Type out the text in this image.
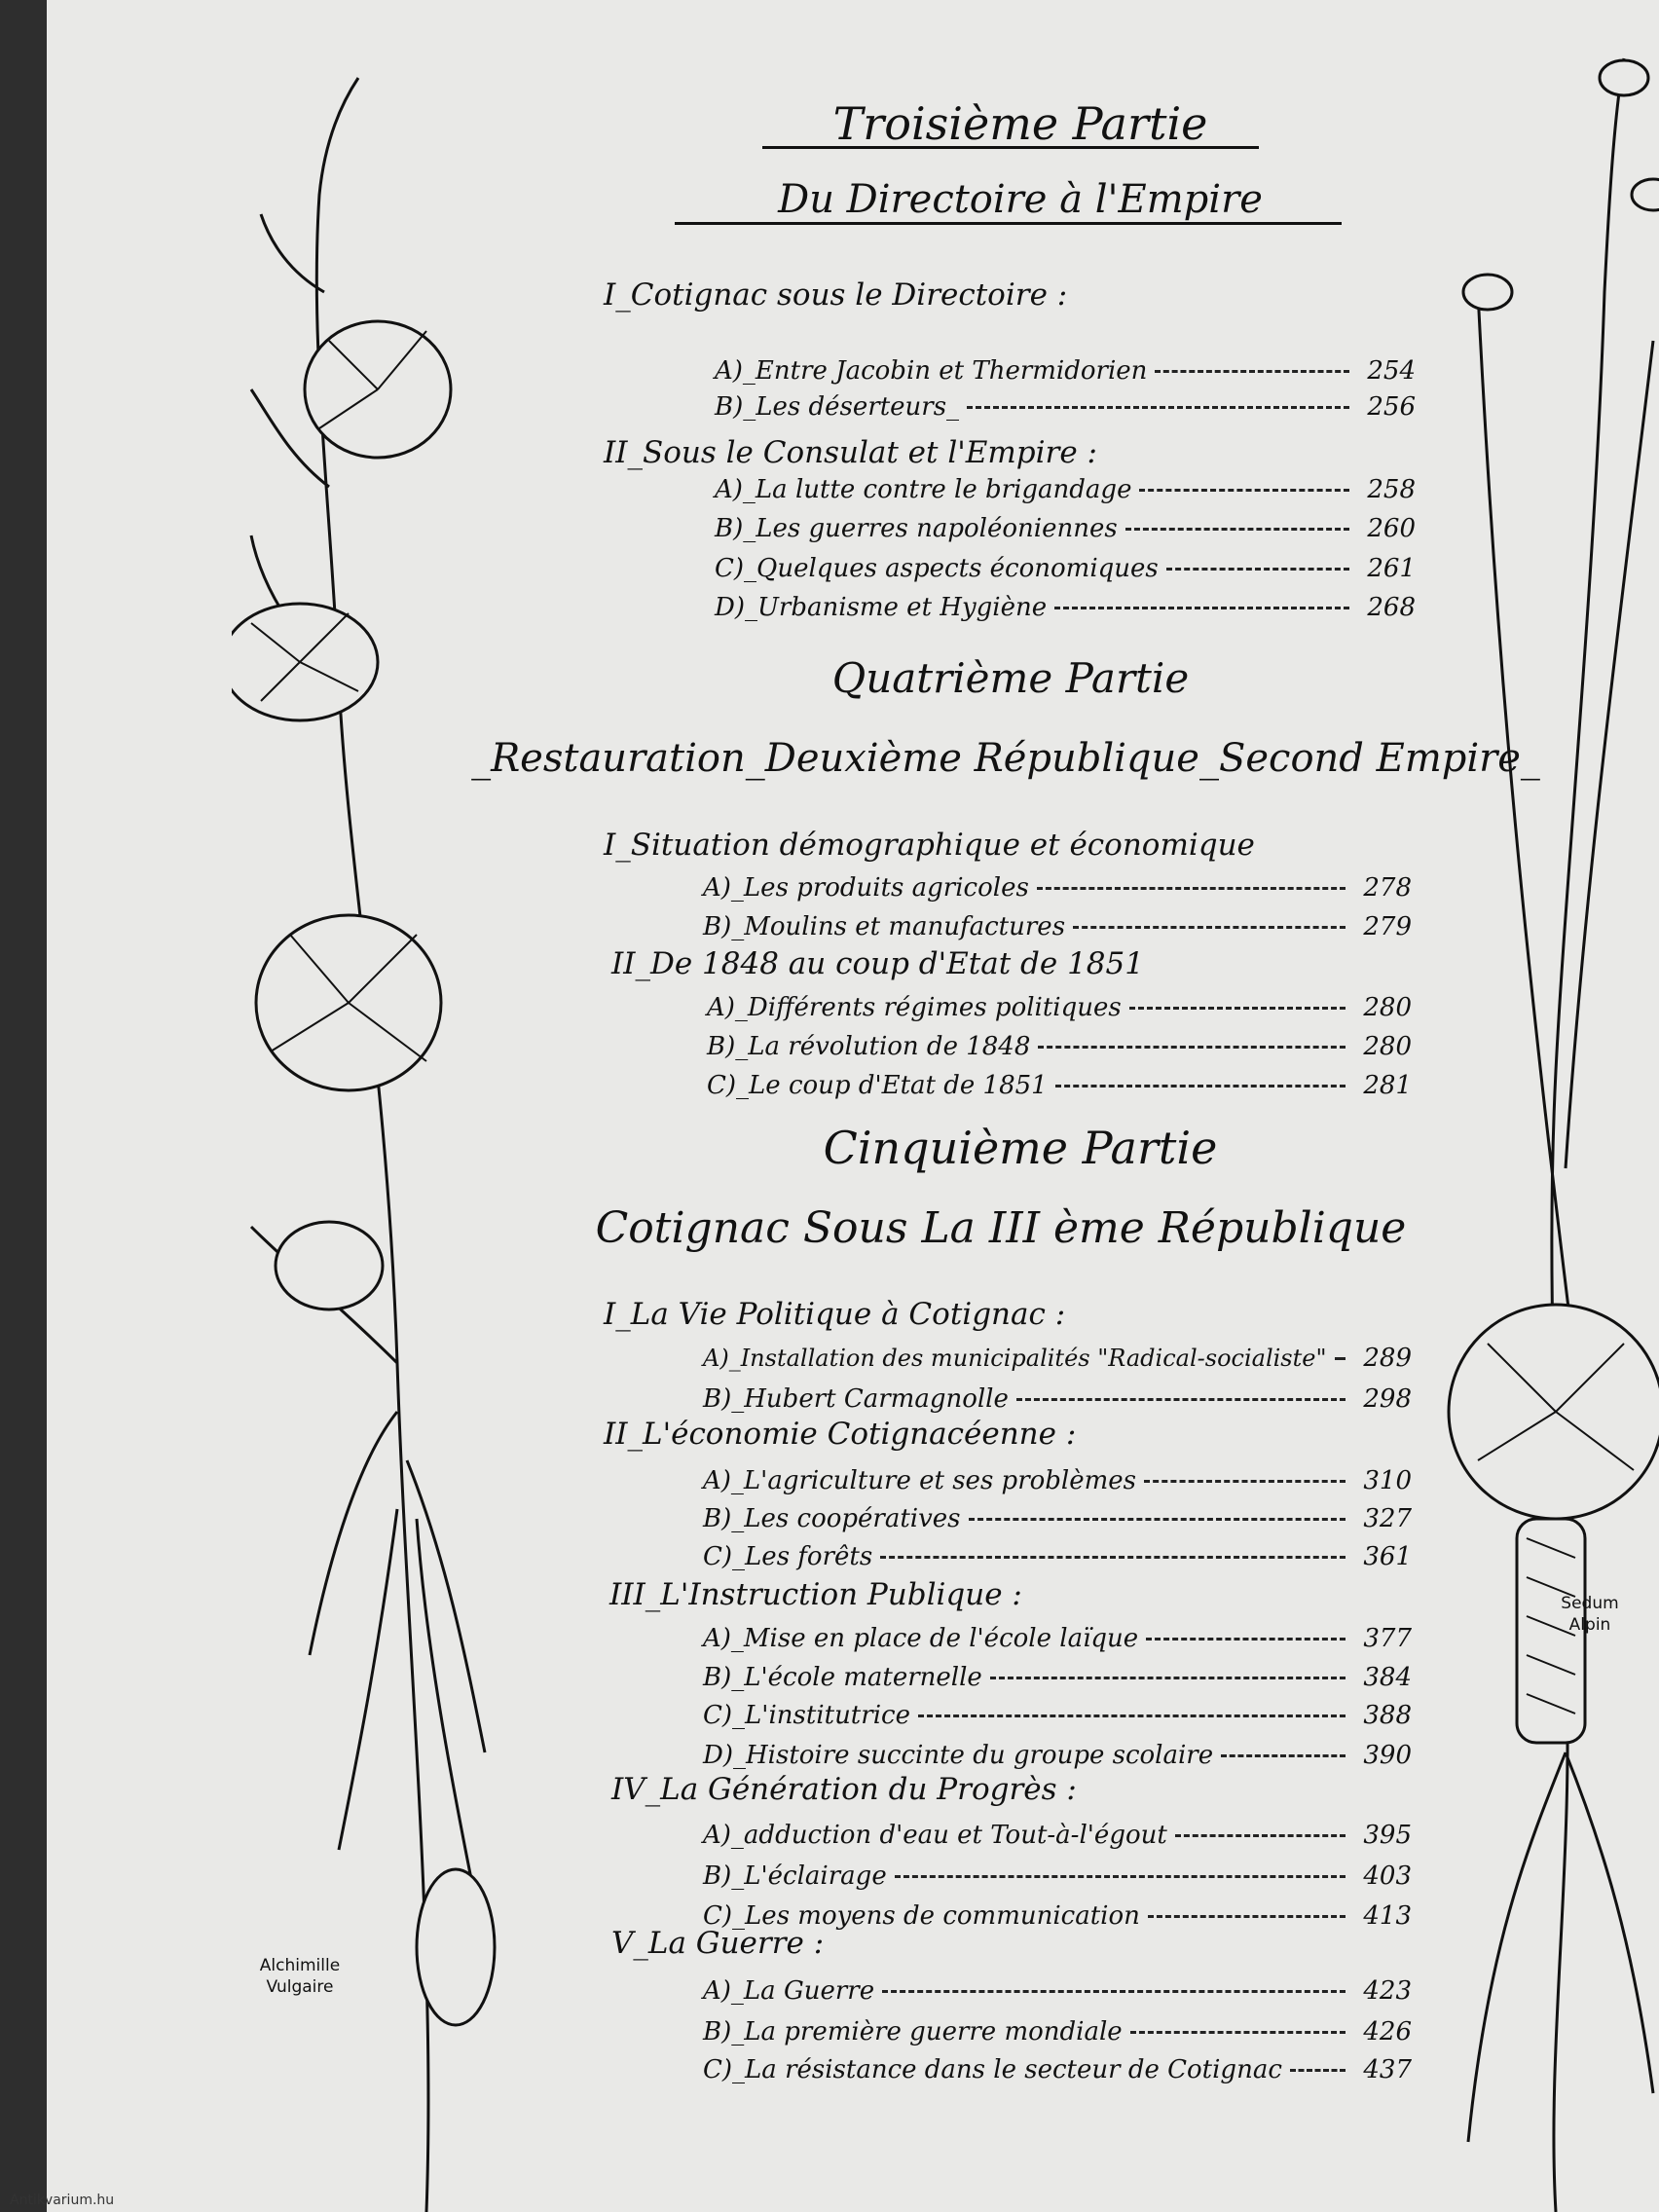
Alchimille
Vulgaire
Sedum
Alpin
Troisième Partie
Du Directoire à l'Empire
I_Cotignac sous le Directoire :
A)_Entre Jacobin et Thermidorien	254
B)_Les déserteurs_	256
II_Sous le Consulat et l'Empire :
A)_La lutte contre le brigandage	258
B)_Les guerres napoléoniennes	260
C)_Quelques aspects économiques	261
D)_Urbanisme et Hygiène	268
Quatrième Partie
_Restauration_Deuxième République_Second Empire_
I_Situation démographique et économique
A)_Les produits agricoles	278
B)_Moulins et manufactures	279
II_De 1848 au coup d'Etat de 1851
A)_Différents régimes politiques	280
B)_La révolution de 1848	280
C)_Le coup d'Etat de 1851	281
Cinquième Partie
Cotignac Sous La III ème République
I_La Vie Politique à Cotignac :
A)_Installation des municipalités "Radical-socialiste"	289
B)_Hubert Carmagnolle	298
II_L'économie Cotignacéenne :
A)_L'agriculture et ses problèmes	310
B)_Les coopératives	327
C)_Les forêts	361
III_L'Instruction Publique :
A)_Mise en place de l'école laïque	377
B)_L'école maternelle	384
C)_L'institutrice	388
D)_Histoire succinte du groupe scolaire	390
IV_La Génération du Progrès :
A)_adduction d'eau et Tout-à-l'égout	395
B)_L'éclairage	403
C)_Les moyens de communication	413
V_La Guerre :
A)_La Guerre	423
B)_La première guerre mondiale	426
C)_La résistance dans le secteur de Cotignac	437
Antikvarium.hu
